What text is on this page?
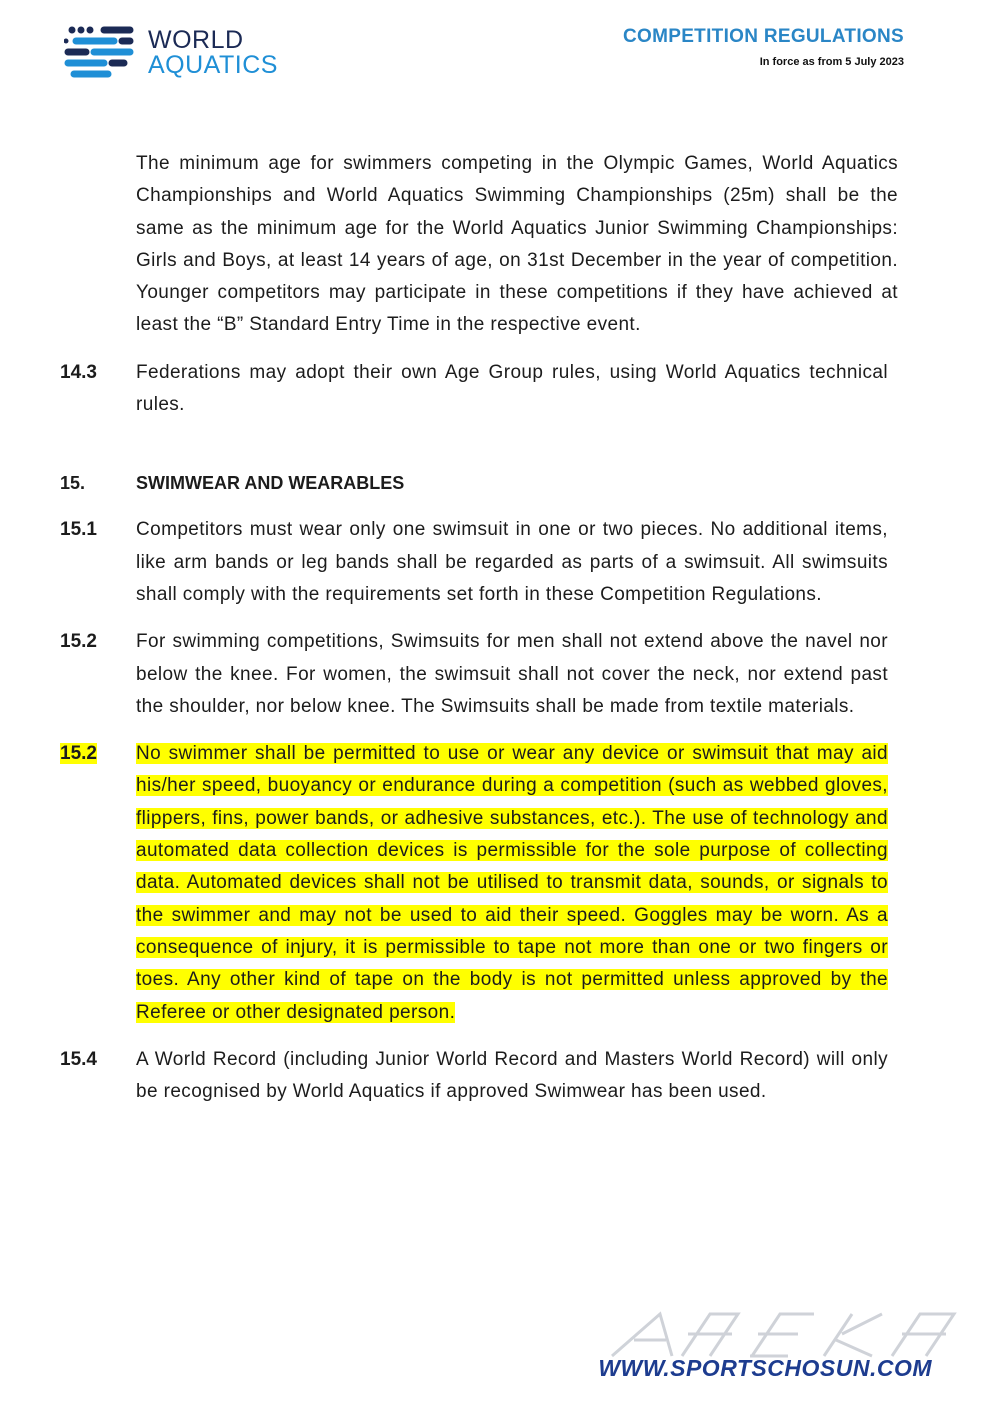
WORLD
AQUATICS
COMPETITION REGULATIONS
In force as from 5 July 2023
The minimum age for swimmers competing in the Olympic Games, World Aquatics Championships and World Aquatics Swimming Championships (25m) shall be the same as the minimum age for the World Aquatics Junior Swimming Championships: Girls and Boys, at least 14 years of age, on 31st December in the year of competition. Younger competitors may participate in these competitions if they have achieved at least the “B” Standard Entry Time in the respective event.
14.3	Federations may adopt their own Age Group rules, using World Aquatics technical rules.
15.	SWIMWEAR AND WEARABLES
15.1	Competitors must wear only one swimsuit in one or two pieces. No additional items, like arm bands or leg bands shall be regarded as parts of a swimsuit. All swimsuits shall comply with the requirements set forth in these Competition Regulations.
15.2	For swimming competitions, Swimsuits for men shall not extend above the navel nor below the knee. For women, the swimsuit shall not cover the neck, nor extend past the shoulder, nor below knee. The Swimsuits shall be made from textile materials.
15.2	No swimmer shall be permitted to use or wear any device or swimsuit that may aid his/her speed, buoyancy or endurance during a competition (such as webbed gloves, flippers, fins, power bands, or adhesive substances, etc.). The use of technology and automated data collection devices is permissible for the sole purpose of collecting data. Automated devices shall not be utilised to transmit data, sounds, or signals to the swimmer and may not be used to aid their speed. Goggles may be worn. As a consequence of injury, it is permissible to tape not more than one or two fingers or toes. Any other kind of tape on the body is not permitted unless approved by the Referee or other designated person.
15.4	A World Record (including Junior World Record and Masters World Record) will only be recognised by World Aquatics if approved Swimwear has been used.
WWW.SPORTSCHOSUN.COM
